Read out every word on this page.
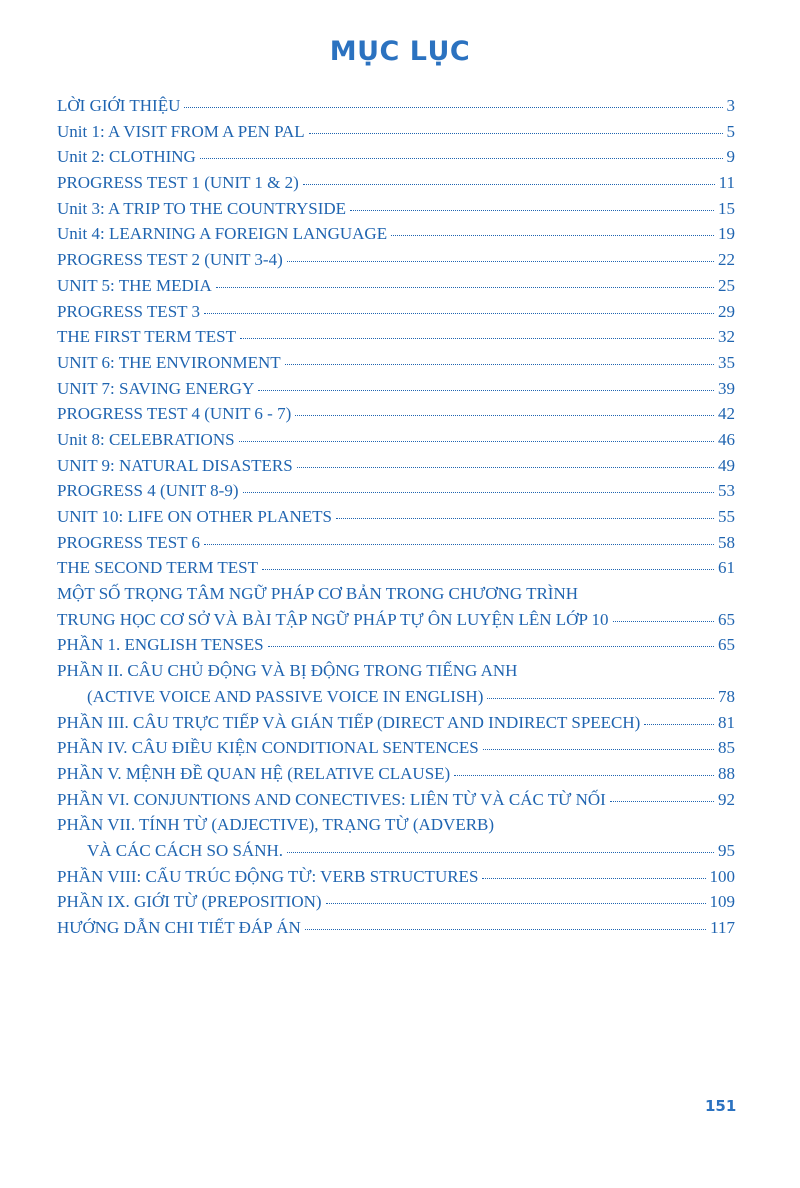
MỤC LỤC
LỜI GIỚI THIỆU	3
Unit 1: A VISIT FROM A PEN PAL	5
Unit 2: CLOTHING	9
PROGRESS TEST 1 (UNIT 1 & 2)	11
Unit 3: A TRIP TO THE COUNTRYSIDE	15
Unit 4: LEARNING A FOREIGN LANGUAGE	19
PROGRESS TEST 2 (UNIT 3-4)	22
UNIT 5: THE MEDIA	25
PROGRESS TEST 3	29
THE FIRST TERM TEST	32
UNIT 6: THE ENVIRONMENT	35
UNIT 7: SAVING ENERGY	39
PROGRESS TEST 4 (UNIT 6 - 7)	42
Unit 8: CELEBRATIONS	46
UNIT 9: NATURAL DISASTERS	49
PROGRESS 4 (UNIT 8-9)	53
UNIT 10: LIFE ON OTHER PLANETS	55
PROGRESS TEST 6	58
THE SECOND TERM TEST	61
MỘT SỐ TRỌNG TÂM NGỮ PHÁP CƠ BẢN TRONG CHƯƠNG TRÌNH
TRUNG HỌC CƠ SỞ VÀ BÀI TẬP NGỮ PHÁP TỰ ÔN LUYỆN LÊN LỚP 10	65
PHẦN 1. ENGLISH TENSES	65
PHẦN II. CÂU CHỦ ĐỘNG VÀ BỊ ĐỘNG TRONG TIẾNG ANH
(ACTIVE VOICE AND PASSIVE VOICE IN ENGLISH)	78
PHẦN III. CÂU TRỰC TIẾP VÀ GIÁN TIẾP (DIRECT AND INDIRECT SPEECH)	81
PHẦN IV. CÂU ĐIỀU KIỆN CONDITIONAL SENTENCES	85
PHẦN V. MỆNH ĐỀ QUAN HỆ (RELATIVE CLAUSE)	88
PHẦN VI. CONJUNTIONS AND CONECTIVES: LIÊN TỪ VÀ CÁC TỪ NỐI	92
PHẦN VII. TÍNH TỪ (ADJECTIVE), TRẠNG TỪ (ADVERB)
VÀ CÁC CÁCH SO SÁNH.	95
PHẦN VIII: CẤU TRÚC ĐỘNG TỪ: VERB STRUCTURES	100
PHẦN IX. GIỚI TỪ (PREPOSITION)	109
HƯỚNG DẪN CHI TIẾT ĐÁP ÁN	117
151
